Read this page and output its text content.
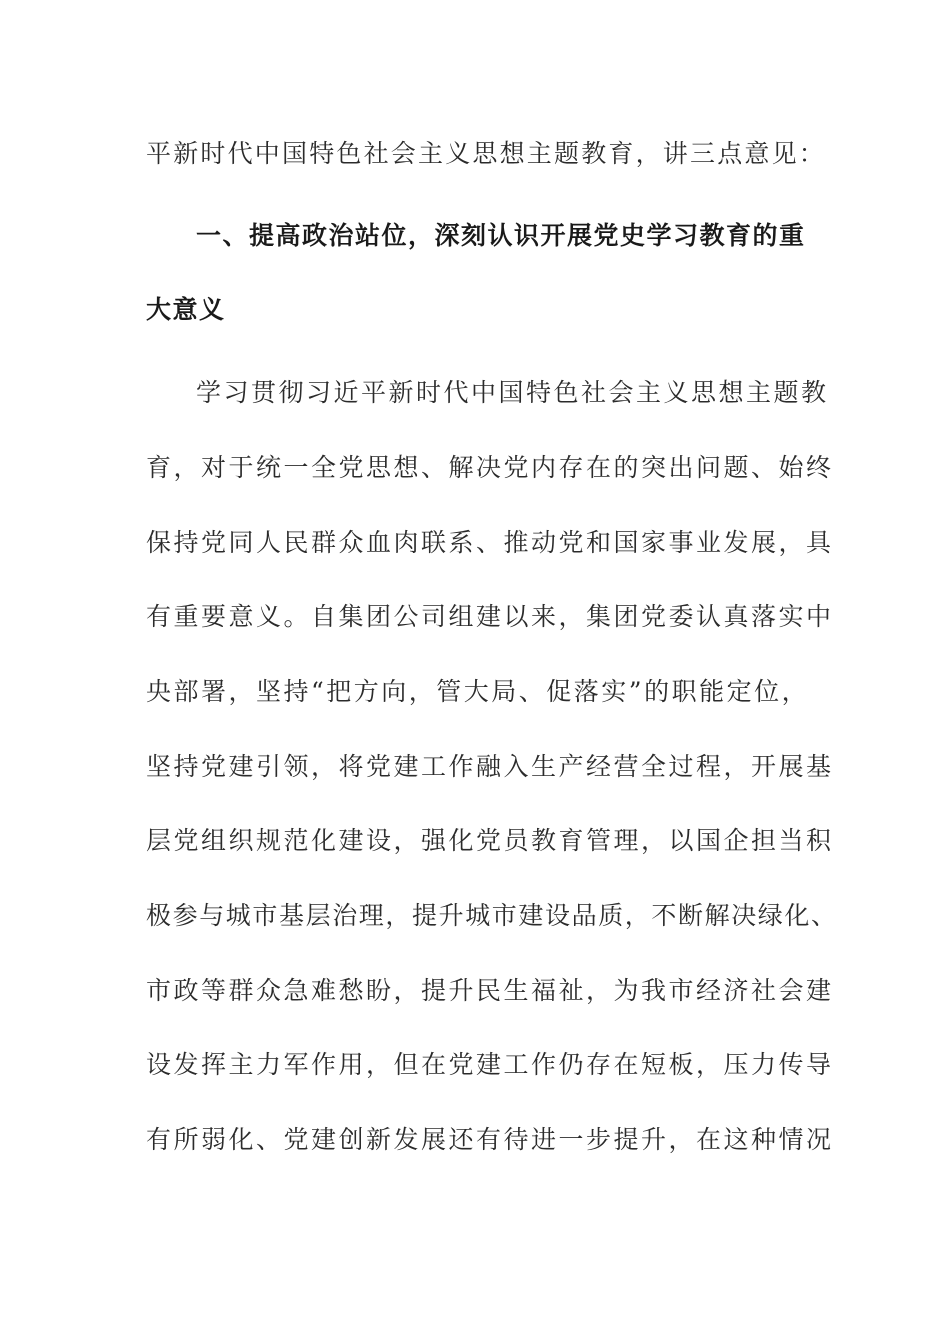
平新时代中国特色社会主义思想主题教育，讲三点意见：
一、提高政治站位，深刻认识开展党史学习教育的重
大意义
学习贯彻习近平新时代中国特色社会主义思想主题教
育，对于统一全党思想、解决党内存在的突出问题、始终
保持党同人民群众血肉联系、推动党和国家事业发展，具
有重要意义。自集团公司组建以来，集团党委认真落实中
央部署，坚持“把方向，管大局、促落实”的职能定位，
坚持党建引领，将党建工作融入生产经营全过程，开展基
层党组织规范化建设，强化党员教育管理，以国企担当积
极参与城市基层治理，提升城市建设品质，不断解决绿化、
市政等群众急难愁盼，提升民生福祉，为我市经济社会建
设发挥主力军作用，但在党建工作仍存在短板，压力传导
有所弱化、党建创新发展还有待进一步提升，在这种情况
